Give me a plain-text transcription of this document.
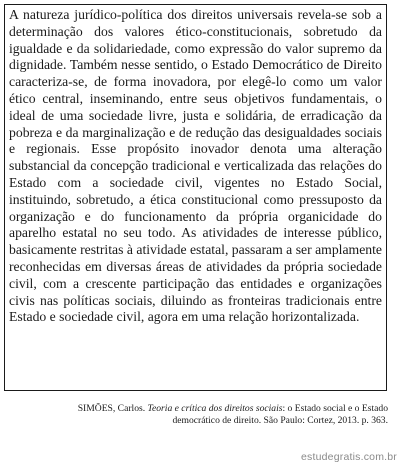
A natureza jurídico-política dos direitos universais revela-se sob a determinação dos valores ético-constitucionais, sobretudo da igualdade e da solidariedade, como expressão do valor supremo da dignidade. Também nesse sentido, o Estado Democrático de Direito caracteriza-se, de forma inovadora, por elegê-lo como um valor ético central, inseminando, entre seus objetivos fundamentais, o ideal de uma sociedade livre, justa e solidária, de erradicação da pobreza e da marginalização e de redução das desigualdades sociais e regionais. Esse propósito inovador denota uma alteração substancial da concepção tradicional e verticalizada das relações do Estado com a sociedade civil, vigentes no Estado Social, instituindo, sobretudo, a ética constitucional como pressuposto da organização e do funcionamento da própria organicidade do aparelho estatal no seu todo. As atividades de interesse público, basicamente restritas à atividade estatal, passaram a ser amplamente reconhecidas em diversas áreas de atividades da própria sociedade civil, com a crescente participação das entidades e organizações civis nas políticas sociais, diluindo as fronteiras tradicionais entre Estado e sociedade civil, agora em uma relação horizontalizada.

SIMÕES, Carlos. Teoria e crítica dos direitos sociais: o Estado social e o Estado
democrático de direito. São Paulo: Cortez, 2013. p. 363.

estudegratis.com.br
